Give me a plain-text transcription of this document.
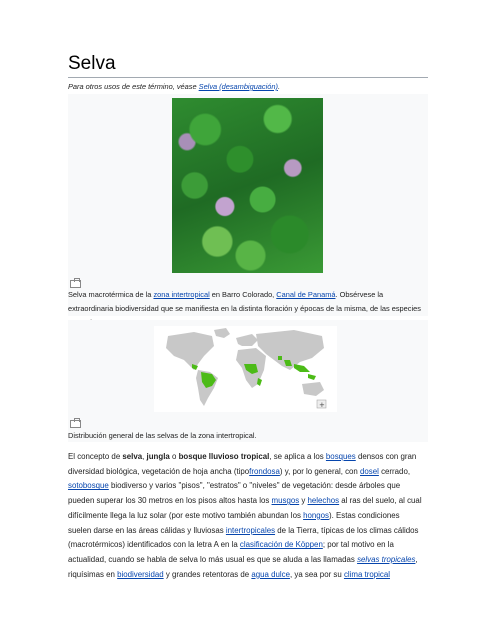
Selva
Para otros usos de este término, véase Selva (desambiguación).
Selva macrotérmica de la zona intertropical en Barro Colorado, Canal de Panamá. Obsérvese la extraordinaria biodiversidad que se manifiesta en la distinta floración y épocas de la misma, de las especies
+
Distribución general de las selvas de la zona intertropical.

El concepto de selva, jungla o bosque lluvioso tropical, se aplica a los bosques densos con gran diversidad biológica, vegetación de hoja ancha (tipofrondosa) y, por lo general, con dosel cerrado, sotobosque biodiverso y varios "pisos", "estratos" o "niveles" de vegetación: desde árboles que pueden superar los 30 metros en los pisos altos hasta los musgos y helechos al ras del suelo, al cual difícilmente llega la luz solar (por este motivo también abundan los hongos). Estas condiciones suelen darse en las áreas cálidas y lluviosas intertropicales de la Tierra, típicas de los climas cálidos (macrotérmicos) identificados con la letra A en la clasificación de Köppen; por tal motivo en la actualidad, cuando se habla de selva lo más usual es que se aluda a las llamadas selvas tropicales, riquísimas en biodiversidad y grandes retentoras de agua dulce, ya sea por su clima tropical
